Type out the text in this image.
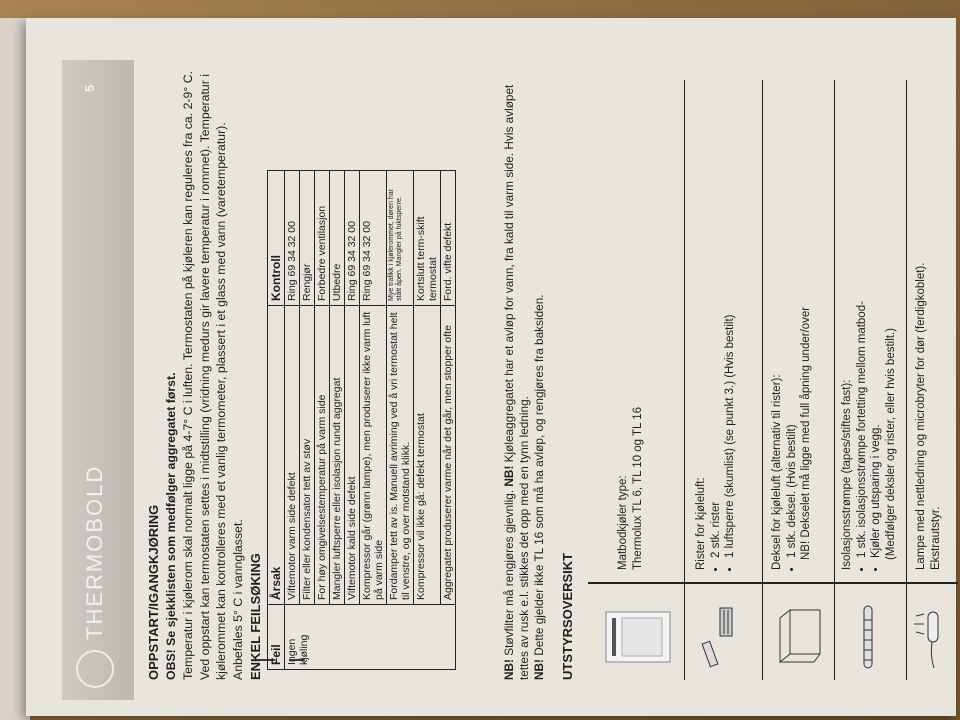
THERMOBOLD
5
OPPSTART/IGANGKJØRING OBS! Se sjekklisten som medfølger aggregatet først. Temperatur i kjølerom skal normalt ligge på 4-7° C i luften. Termostaten på kjøleren kan reguleres fra ca. 2-9° C. Ved oppstart kan termostaten settes i midtstilling (vridning medurs gir lavere temperatur i rommet). Temperatur i kjølerommet kan kontrolleres med et vanlig termometer, plassert i et glass med vann (varetemperatur). Anbefales 5° C i vannglasset. ENKEL FEILSØKING Feil	Årsak	Kontroll
Ingen kjøling	Viftemotor varm side defekt	Ring 69 34 32 00
	Filter eller kondensator tett av støv	Rengjør
	For høy omgivelsestemperatur på varm side	Forbedre ventilasjon
	Mangler luftsperre eller isolasjon rundt aggregat	Utbedre
	Viftemotor kald side defekt	Ring 69 34 32 00
	Kompressor går (grønn lampe), men produserer ikke varm luft på varm side	Ring 69 34 32 00
	Fordamper tett av is. Manuell avriming ved å vri termostat helt til venstre, og over motstand klikk.	Mye trafikk i kjølerommet, døren har stått åpen. Mangler på fuktsperre.
	Kompressor vil ikke gå: defekt termostat	Kortslutt term-skift termostat
	Aggregatet produserer varme når det går, men stopper ofte	Ford. vifte defekt
NB! Støvfilter må rengjøres gjevnlig. NB! Kjøleaggregatet har et avløp for vann, fra kald til varm side. Hvis avløpet tettes av rusk e.l. stikkes det opp med en tynn ledning.
NB! Dette gjelder ikke TL 16 som må ha avløp, og rengjøres fra baksiden. UTSTYRSOVERSIKT
Matbodkjøler type: Thermolux TL 6, TL 10 og TL 16	Rister for kjøleluft: • 2 stk. rister • 1 luftsperre (skumlist) (se punkt 3.) (Hvis bestilt)	Deksel for kjøleluft (alternativ til rister): • 1 stk. deksel. (Hvis bestilt) NB! Dekselet må ligge med full åpning under/over	Isolasjonsstrømpe (tapes/stiftes fast): • 1 stk. isolasjonsstrømpe fortetting mellom matbod- • Kjøler og utsparing i vegg. (Medfølger deksler og rister, eller hvis bestilt.) Lampe med nettledning og microbryter for dør (ferdigkoblet). Ekstrautstyr.
